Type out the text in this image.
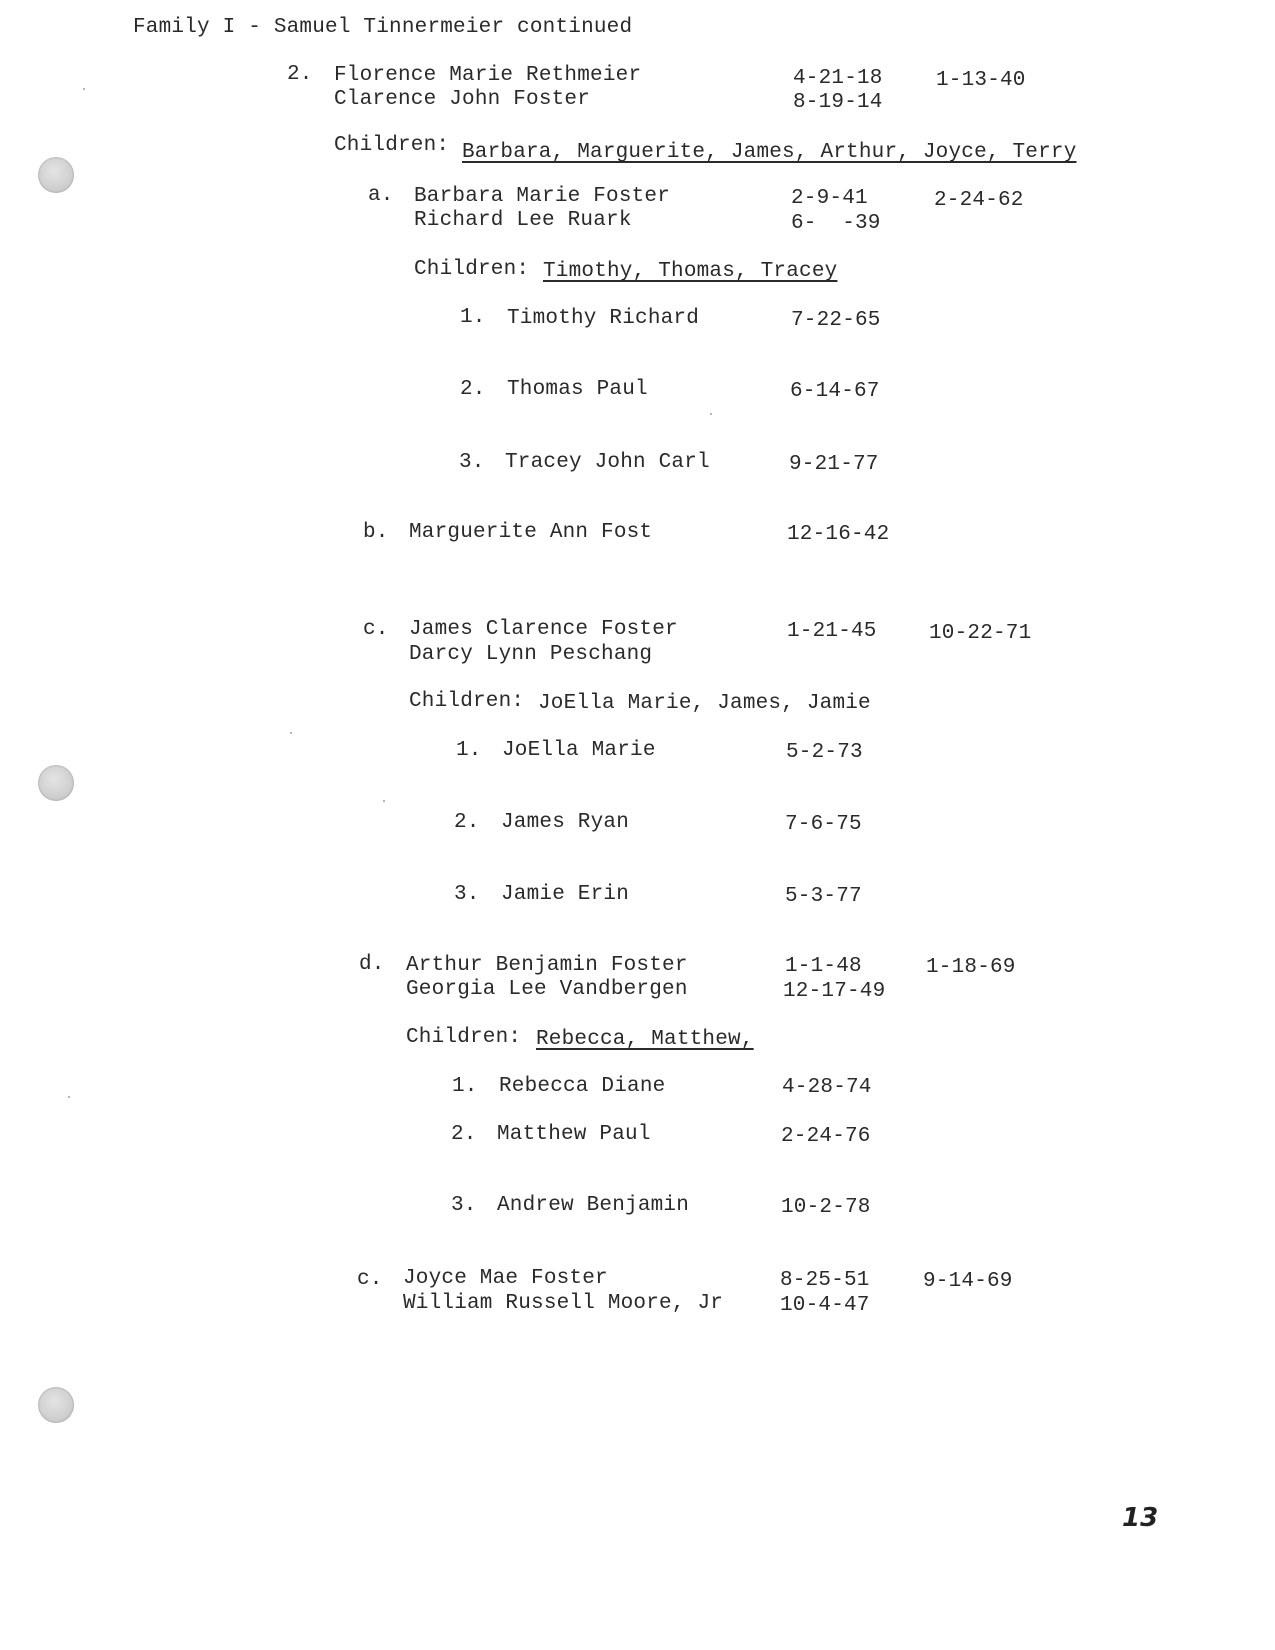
Family I - Samuel Tinnermeier continued
2. Florence Marie Rethmeier	4-21-18	1-13-40
Clarence John Foster	8-19-14
Children: Barbara, Marguerite, James, Arthur, Joyce, Terry
a. Barbara Marie Foster	2-9-41	2-24-62
Richard Lee Ruark	6-  -39
Children: Timothy, Thomas, Tracey
1. Timothy Richard	7-22-65
2. Thomas Paul	6-14-67
3. Tracey John Carl	9-21-77
b. Marguerite Ann Fost	12-16-42
c. James Clarence Foster	1-21-45 10-22-71
Darcy Lynn Peschang
Children: JoElla Marie, James, Jamie
1. JoElla Marie	5-2-73
2. James Ryan	7-6-75
3. Jamie Erin	5-3-77
d. Arthur Benjamin Foster	1-1-48	1-18-69
Georgia Lee Vandbergen	12-17-49
Children: Rebecca, Matthew,
1. Rebecca Diane	4-28-74
2. Matthew Paul	2-24-76
3. Andrew Benjamin	10-2-78
c. Joyce Mae Foster	8-25-51	9-14-69
William Russell Moore, Jr	10-4-47
13
